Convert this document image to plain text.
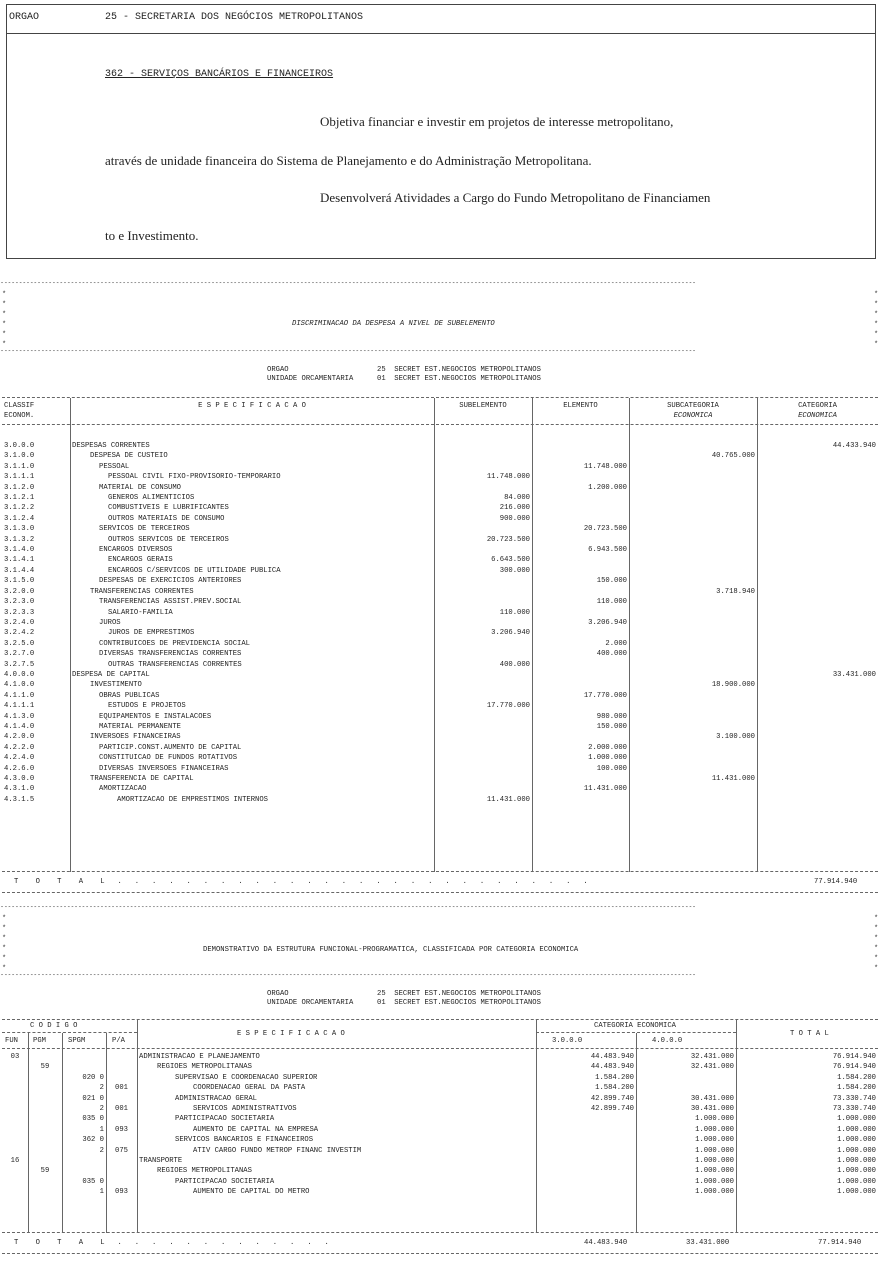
ORGAO	25 - SECRETARIA DOS NEGÓCIOS METROPOLITANOS
362 - SERVIÇOS BANCÁRIOS E FINANCEIROS
Objetiva financiar e investir em projetos de interesse metropolitano,
através de unidade financeira do Sistema de Planejamento e do Administração Metropolitana.
Desenvolverá Atividades a Cargo do Fundo Metropolitano de Financiamen
to e Investimento.
********************************************************************************************************************************************************************************************
********************************************************************************************************************************************************************************************
*
*
*
*
*
*
*
*
*
*
*
*
DISCRIMINACAO DA DESPESA A NIVEL DE SUBELEMENTO
ORGAO	25  SECRET EST.NEGOCIOS METROPOLITANOS
UNIDADE ORCAMENTARIA	01  SECRET EST.NEGOCIOS METROPOLITANOS
CLASSIF
ECONOM.	E S P E C I F I C A C A O	SUBELEMENTO	ELEMENTO	SUBCATEGORIA
ECONOMICA	CATEGORIA
ECONOMICA
3.0.0.0	DESPESAS CORRENTES				44.433.940

3.1.0.0	DESPESA DE CUSTEIO			40.765.000	
3.1.1.0	PESSOAL		11.748.000		
3.1.1.1	PESSOAL CIVIL FIXO-PROVISORIO-TEMPORARIO	11.748.000			
3.1.2.0	MATERIAL DE CONSUMO		1.200.000		
3.1.2.1	GENEROS ALIMENTICIOS	84.000			
3.1.2.2	COMBUSTIVEIS E LUBRIFICANTES	216.000			
3.1.2.4	OUTROS MATERIAIS DE CONSUMO	900.000			
3.1.3.0	SERVICOS DE TERCEIROS		20.723.500		
3.1.3.2	OUTROS SERVICOS DE TERCEIROS	20.723.500			
3.1.4.0	ENCARGOS DIVERSOS		6.943.500		
3.1.4.1	ENCARGOS GERAIS	6.643.500			
3.1.4.4	ENCARGOS C/SERVICOS DE UTILIDADE PUBLICA	300.000			
3.1.5.0	DESPESAS DE EXERCICIOS ANTERIORES		150.000		

3.2.0.0	TRANSFERENCIAS CORRENTES			3.718.940	
3.2.3.0	TRANSFERENCIAS ASSIST.PREV.SOCIAL		110.000		
3.2.3.3	SALARIO-FAMILIA	110.000			
3.2.4.0	JUROS		3.206.940		
3.2.4.2	JUROS DE EMPRESTIMOS	3.206.940			
3.2.5.0	CONTRIBUICOES DE PREVIDENCIA SOCIAL		2.000		
3.2.7.0	DIVERSAS TRANSFERENCIAS CORRENTES		400.000		
3.2.7.5	OUTRAS TRANSFERENCIAS CORRENTES	400.000			

4.0.0.0	DESPESA DE CAPITAL				33.431.000

4.1.0.0	INVESTIMENTO			18.900.000	
4.1.1.0	OBRAS PUBLICAS		17.770.000		
4.1.1.1	ESTUDOS E PROJETOS	17.770.000			
4.1.3.0	EQUIPAMENTOS E INSTALACOES		980.000		
4.1.4.0	MATERIAL PERMANENTE		150.000		

4.2.0.0	INVERSOES FINANCEIRAS			3.100.000	
4.2.2.0	PARTICIP.CONST.AUMENTO DE CAPITAL		2.000.000		
4.2.4.0	CONSTITUICAO DE FUNDOS ROTATIVOS		1.000.000		
4.2.6.0	DIVERSAS INVERSOES FINANCEIRAS		100.000		

4.3.0.0	TRANSFERENCIA DE CAPITAL			11.431.000	
4.3.1.0	AMORTIZACAO		11.431.000		

4.3.1.5	AMORTIZACAO DE EMPRESTIMOS INTERNOS	11.431.000			
T    O    T    A    L   .   .   .   .   .   .   .   .   .   .   .   .   .   .   .   .   .   .   .   .   .   .   .   .   .   .   .   .	77.914.940
********************************************************************************************************************************************************************************************
********************************************************************************************************************************************************************************************
*
*
*
*
*
*
*
*
*
*
*
*
DEMONSTRATIVO DA ESTRUTURA FUNCIONAL-PROGRAMATICA, CLASSIFICADA POR CATEGORIA ECONOMICA
ORGAO	25  SECRET EST.NEGOCIOS METROPOLITANOS
UNIDADE ORCAMENTARIA	01  SECRET EST.NEGOCIOS METROPOLITANOS
C O D I G O
FUN PGM	SPGM	P/A
E S P E C I F I C A C A O
CATEGORIA ECONOMICA
3.0.0.0	4.0.0.0
T O T A L
03				ADMINISTRACAO E PLANEJAMENTO	44.483.940	32.431.000	76.914.940
	59			REGIOES METROPOLITANAS	44.483.940	32.431.000	76.914.940
		020 0		SUPERVISAO E COORDENACAO SUPERIOR	1.584.200		1.584.200
		2	001	COORDENACAO GERAL DA PASTA	1.584.200		1.584.200
		021 0		ADMINISTRACAO GERAL	42.899.740	30.431.000	73.330.740
		2	001	SERVICOS ADMINISTRATIVOS	42.899.740	30.431.000	73.330.740
		035 0		PARTICIPACAO SOCIETARIA		1.000.000	1.000.000
		1	093	AUMENTO DE CAPITAL NA EMPRESA		1.000.000	1.000.000
		362 0		SERVICOS BANCARIOS E FINANCEIROS		1.000.000	1.000.000
		2	075	ATIV CARGO FUNDO METROP FINANC INVESTIM		1.000.000	1.000.000
16				TRANSPORTE		1.000.000	1.000.000
	59			REGIOES METROPOLITANAS		1.000.000	1.000.000
		035 0		PARTICIPACAO SOCIETARIA		1.000.000	1.000.000
		1	093	AUMENTO DE CAPITAL DO METRO		1.000.000	1.000.000
T    O    T    A    L   .   .   .   .   .   .   .   .   .   .   .   .   .	44.483.940	33.431.000	77.914.940
